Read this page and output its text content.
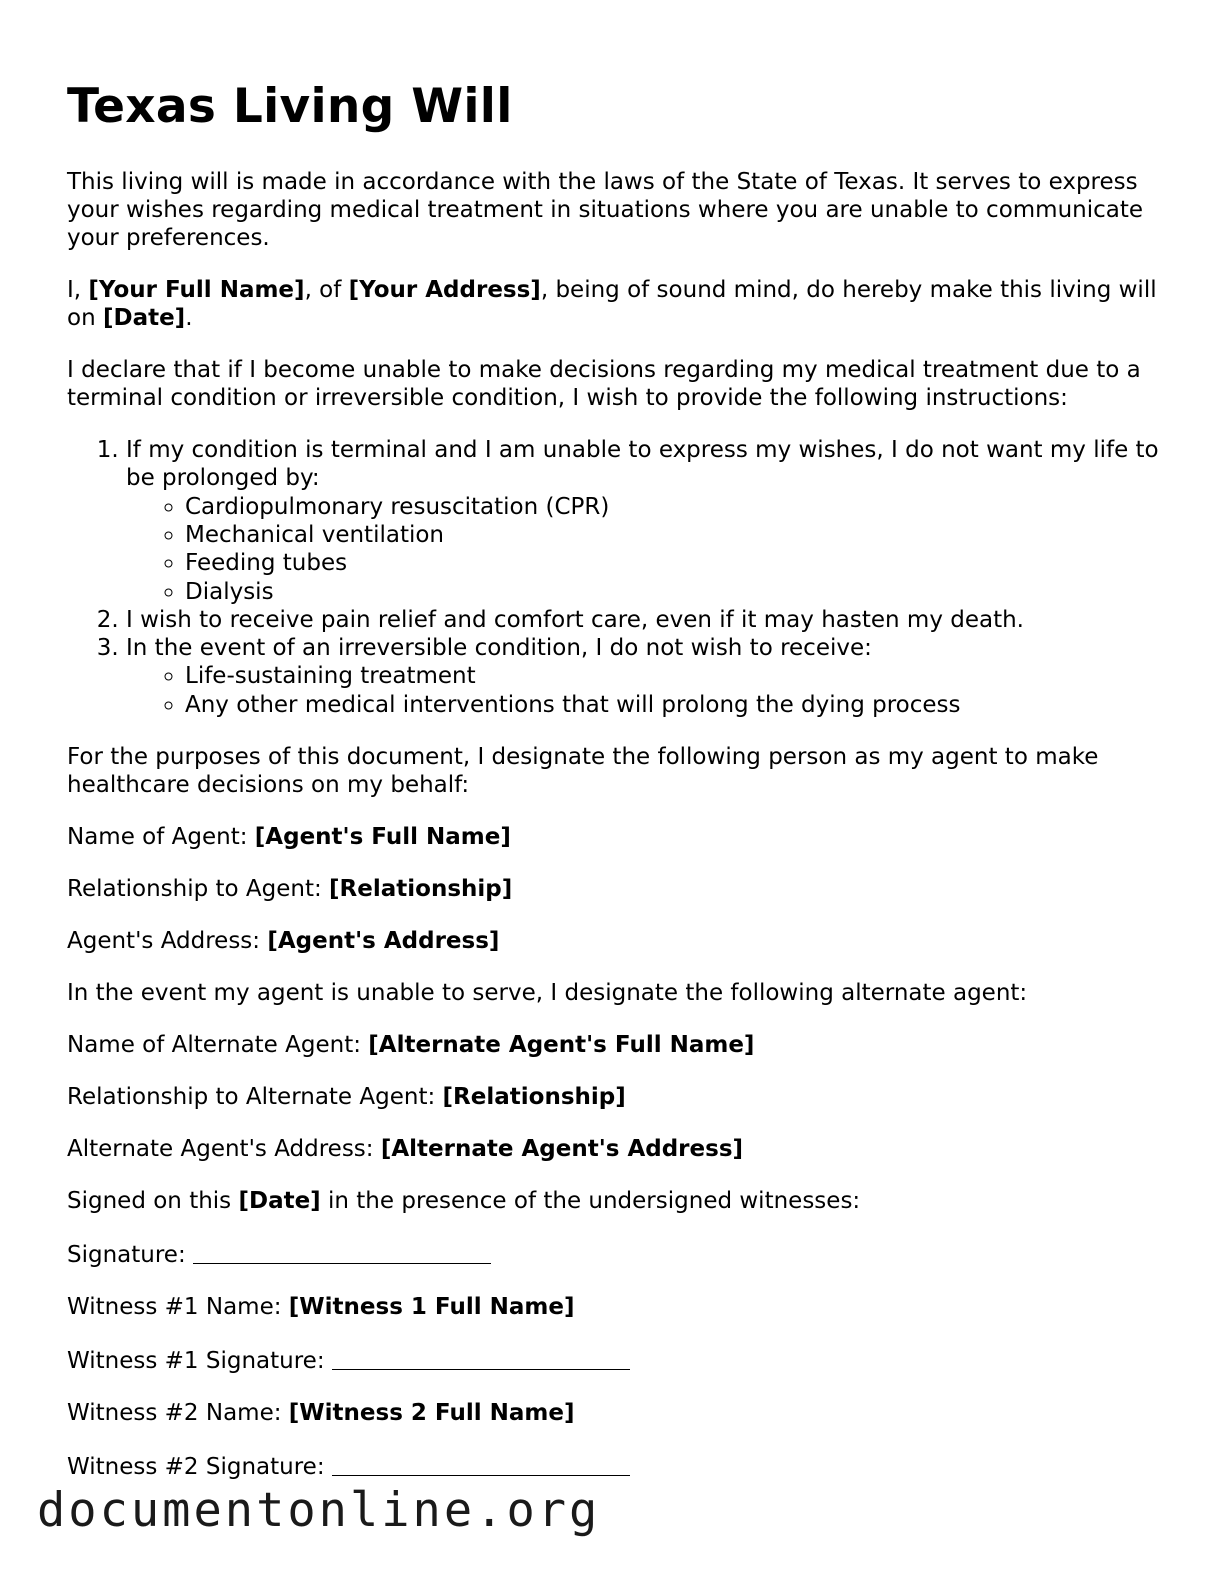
Texas Living Will

This living will is made in accordance with the laws of the State of Texas. It serves to express your wishes regarding medical treatment in situations where you are unable to communicate your preferences.

I, [Your Full Name], of [Your Address], being of sound mind, do hereby make this living will on [Date].

I declare that if I become unable to make decisions regarding my medical treatment due to a terminal condition or irreversible condition, I wish to provide the following instructions:

1. If my condition is terminal and I am unable to express my wishes, I do not want my life to be prolonged by:
◦ Cardiopulmonary resuscitation (CPR)
◦ Mechanical ventilation
◦ Feeding tubes
◦ Dialysis
2. I wish to receive pain relief and comfort care, even if it may hasten my death.
3. In the event of an irreversible condition, I do not wish to receive:
◦ Life-sustaining treatment
◦ Any other medical interventions that will prolong the dying process

For the purposes of this document, I designate the following person as my agent to make healthcare decisions on my behalf:

Name of Agent: [Agent's Full Name]

Relationship to Agent: [Relationship]

Agent's Address: [Agent's Address]

In the event my agent is unable to serve, I designate the following alternate agent:

Name of Alternate Agent: [Alternate Agent's Full Name]

Relationship to Alternate Agent: [Relationship]

Alternate Agent's Address: [Alternate Agent's Address]

Signed on this [Date] in the presence of the undersigned witnesses:

Signature:

Witness #1 Name: [Witness 1 Full Name]

Witness #1 Signature:

Witness #2 Name: [Witness 2 Full Name]

Witness #2 Signature:

documentonline.org
